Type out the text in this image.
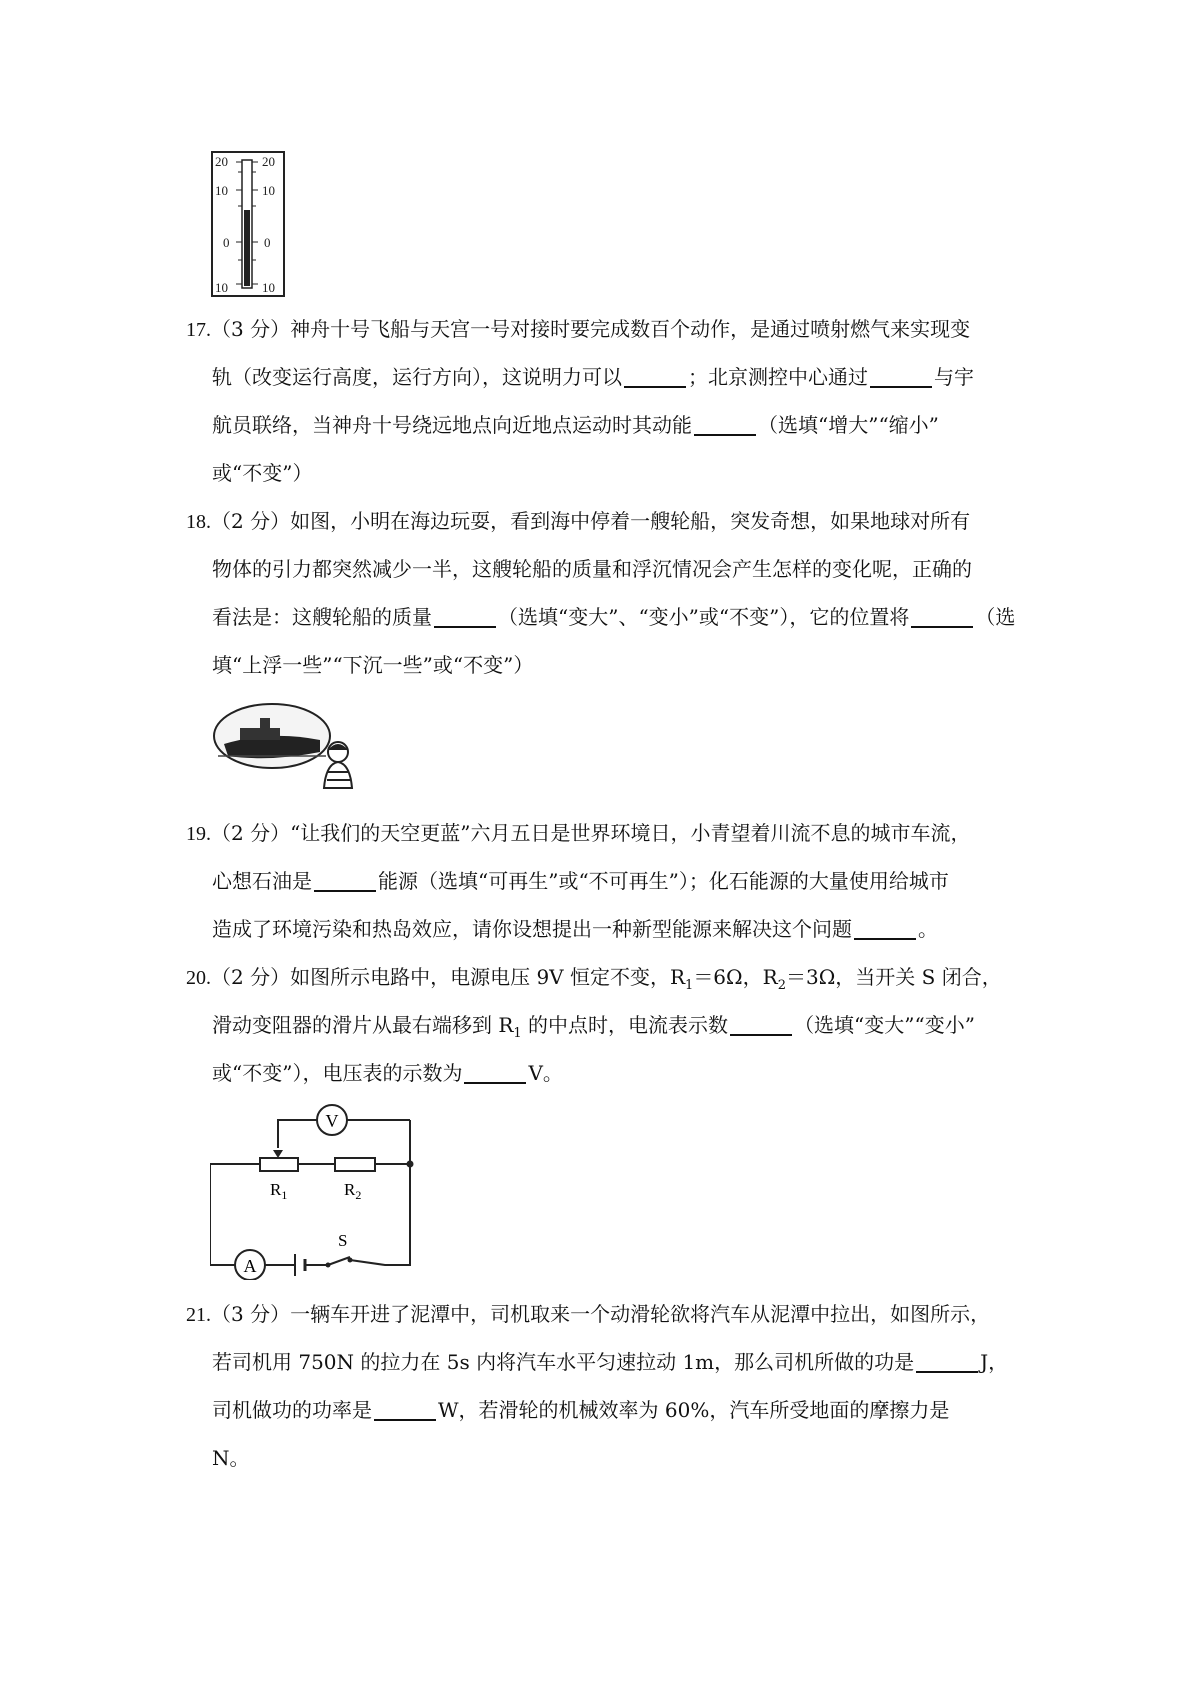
20
10
0
10
20
10
0
10
17.（3 分）神舟十号飞船与天宫一号对接时要完成数百个动作，是通过喷射燃气来实现变
轨（改变运行高度，运行方向），这说明力可以	；北京测控中心通过	与宇
航员联络，当神舟十号绕远地点向近地点运动时其动能	（选填“增大”“缩小”
或“不变”）
18.（2 分）如图，小明在海边玩耍，看到海中停着一艘轮船，突发奇想，如果地球对所有
物体的引力都突然减少一半，这艘轮船的质量和浮沉情况会产生怎样的变化呢，正确的
看法是：这艘轮船的质量	（选填“变大”、“变小”或“不变”），它的位置将	（选
填“上浮一些”“下沉一些”或“不变”）
19.（2 分）“让我们的天空更蓝”六月五日是世界环境日，小青望着川流不息的城市车流，
心想石油是	能源（选填“可再生”或“不可再生”）；化石能源的大量使用给城市
造成了环境污染和热岛效应，请你设想提出一种新型能源来解决这个问题	。
20.（2 分）如图所示电路中，电源电压 9V 恒定不变，$R_1=6\Omega$，$R_2=3\Omega$，当开关 S 闭合，
滑动变阻器的滑片从最右端移到 $R_1$ 的中点时，电流表示数	（选填“变大”“变小”
或“不变”），电压表的示数为	V。
V
A
$R_1$	$R_2$
S
21.（3 分）一辆车开进了泥潭中，司机取来一个动滑轮欲将汽车从泥潭中拉出，如图所示，
若司机用 750N 的拉力在 5s 内将汽车水平匀速拉动 1m，那么司机所做的功是	J，
司机做功的功率是	W，若滑轮的机械效率为 60%，汽车所受地面的摩擦力是
N。
